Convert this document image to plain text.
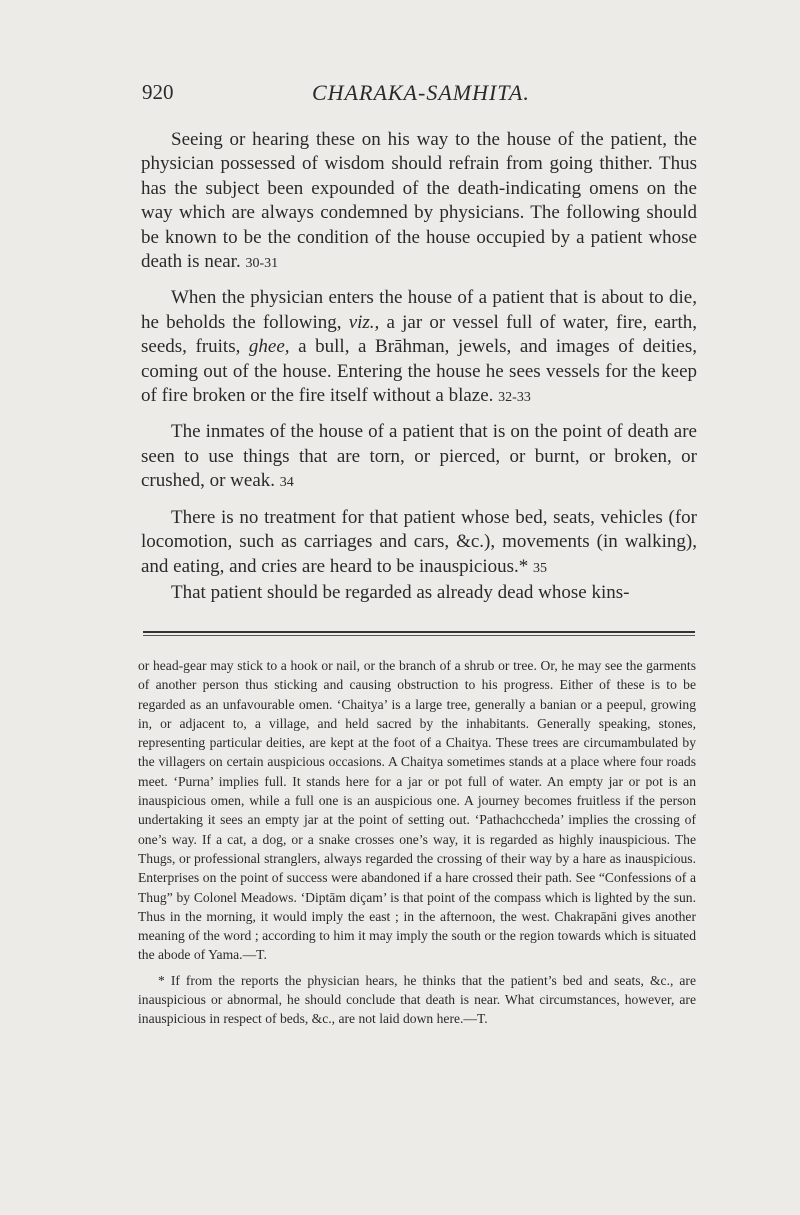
920	CHARAKA-SAMHITA.

Seeing or hearing these on his way to the house of the patient, the physician possessed of wisdom should refrain from going thither. Thus has the subject been expounded of the death-indicating omens on the way which are always condemned by physicians. The following should be known to be the condition of the house occupied by a patient whose death is near. 30-31

When the physician enters the house of a patient that is about to die, he beholds the following, viz., a jar or vessel full of water, fire, earth, seeds, fruits, ghee, a bull, a Brāhman, jewels, and images of deities, coming out of the house. Entering the house he sees vessels for the keep of fire broken or the fire itself without a blaze. 32-33

The inmates of the house of a patient that is on the point of death are seen to use things that are torn, or pierced, or burnt, or broken, or crushed, or weak. 34

There is no treatment for that patient whose bed, seats, vehicles (for locomotion, such as carriages and cars, &c.), movements (in walking), and eating, and cries are heard to be inauspicious.* 35

That patient should be regarded as already dead whose kins-

or head-gear may stick to a hook or nail, or the branch of a shrub or tree. Or, he may see the garments of another person thus sticking and causing obstruction to his progress. Either of these is to be regarded as an unfavourable omen. ‘Chaitya’ is a large tree, generally a banian or a peepul, growing in, or adjacent to, a village, and held sacred by the inhabitants. Generally speaking, stones, representing particular deities, are kept at the foot of a Chaitya. These trees are circumambulated by the villagers on certain auspicious occasions. A Chaitya sometimes stands at a place where four roads meet. ‘Purna’ implies full. It stands here for a jar or pot full of water. An empty jar or pot is an inauspicious omen, while a full one is an auspicious one. A journey becomes fruitless if the person undertaking it sees an empty jar at the point of setting out. ‘Pathachccheda’ implies the crossing of one’s way. If a cat, a dog, or a snake crosses one’s way, it is regarded as highly inauspicious. The Thugs, or professional stranglers, always regarded the crossing of their way by a hare as inauspicious. Enterprises on the point of success were abandoned if a hare crossed their path. See “Confessions of a Thug” by Colonel Meadows. ‘Diptām diçam’ is that point of the compass which is lighted by the sun. Thus in the morning, it would imply the east ; in the afternoon, the west. Chakrapāni gives another meaning of the word ; according to him it may imply the south or the region towards which is situated the abode of Yama.—T.

* If from the reports the physician hears, he thinks that the patient’s bed and seats, &c., are inauspicious or abnormal, he should conclude that death is near. What circumstances, however, are inauspicious in respect of beds, &c., are not laid down here.—T.
